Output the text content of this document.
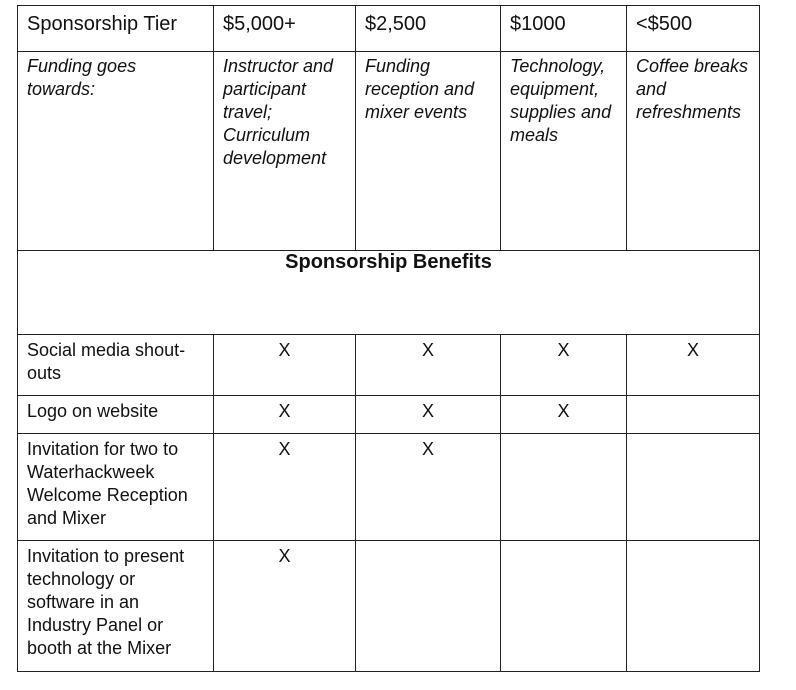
Sponsorship Tier	$5,000+	$2,500	$1000	<$500

Funding goes towards:	Instructor and participant travel; Curriculum development	Funding reception and mixer events	Technology, equipment, supplies and meals	Coffee breaks and refreshments

Sponsorship Benefits				

Social media shout-outs	X	X	X	X

Logo on website	X	X	X	

Invitation for two to Waterhackweek Welcome Reception and Mixer	X	X		

Invitation to present technology or software in an Industry Panel or booth at the Mixer	X			
